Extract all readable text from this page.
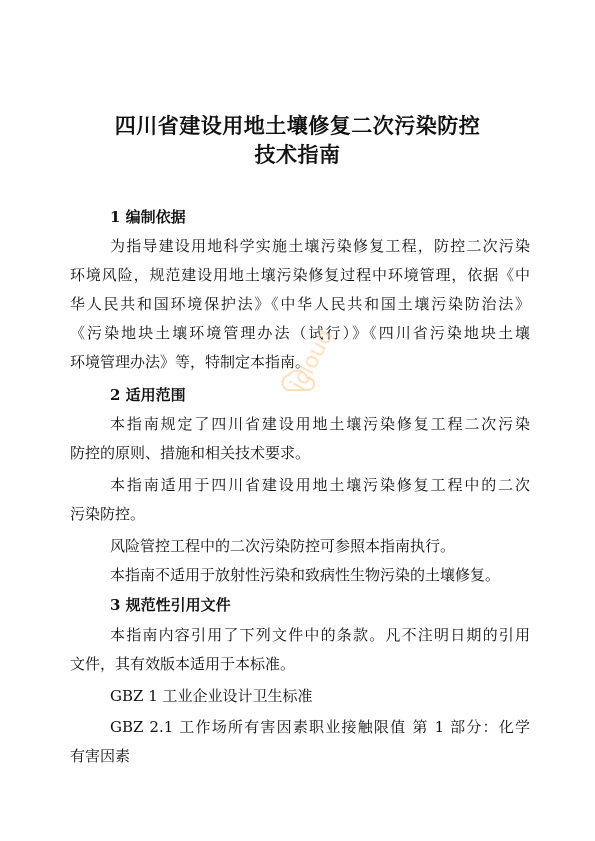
四川省建设用地土壤修复二次污染防控
技术指南
1 编制依据
为指导建设用地科学实施土壤污染修复工程，防控二次污染
环境风险，规范建设用地土壤污染修复过程中环境管理，依据《中
华人民共和国环境保护法》《中华人民共和国土壤污染防治法》
《污染地块土壤环境管理办法（试行）》《四川省污染地块土壤
环境管理办法》等，特制定本指南。
2 适用范围
本指南规定了四川省建设用地土壤污染修复工程二次污染
防控的原则、措施和相关技术要求。
本指南适用于四川省建设用地土壤污染修复工程中的二次
污染防控。
风险管控工程中的二次污染防控可参照本指南执行。
本指南不适用于放射性污染和致病性生物污染的土壤修复。
3 规范性引用文件
本指南内容引用了下列文件中的条款。凡不注明日期的引用
文件，其有效版本适用于本标准。
GBZ 1 工业企业设计卫生标准
GBZ 2.1 工作场所有害因素职业接触限值 第 1 部分：化学
有害因素
icloud
